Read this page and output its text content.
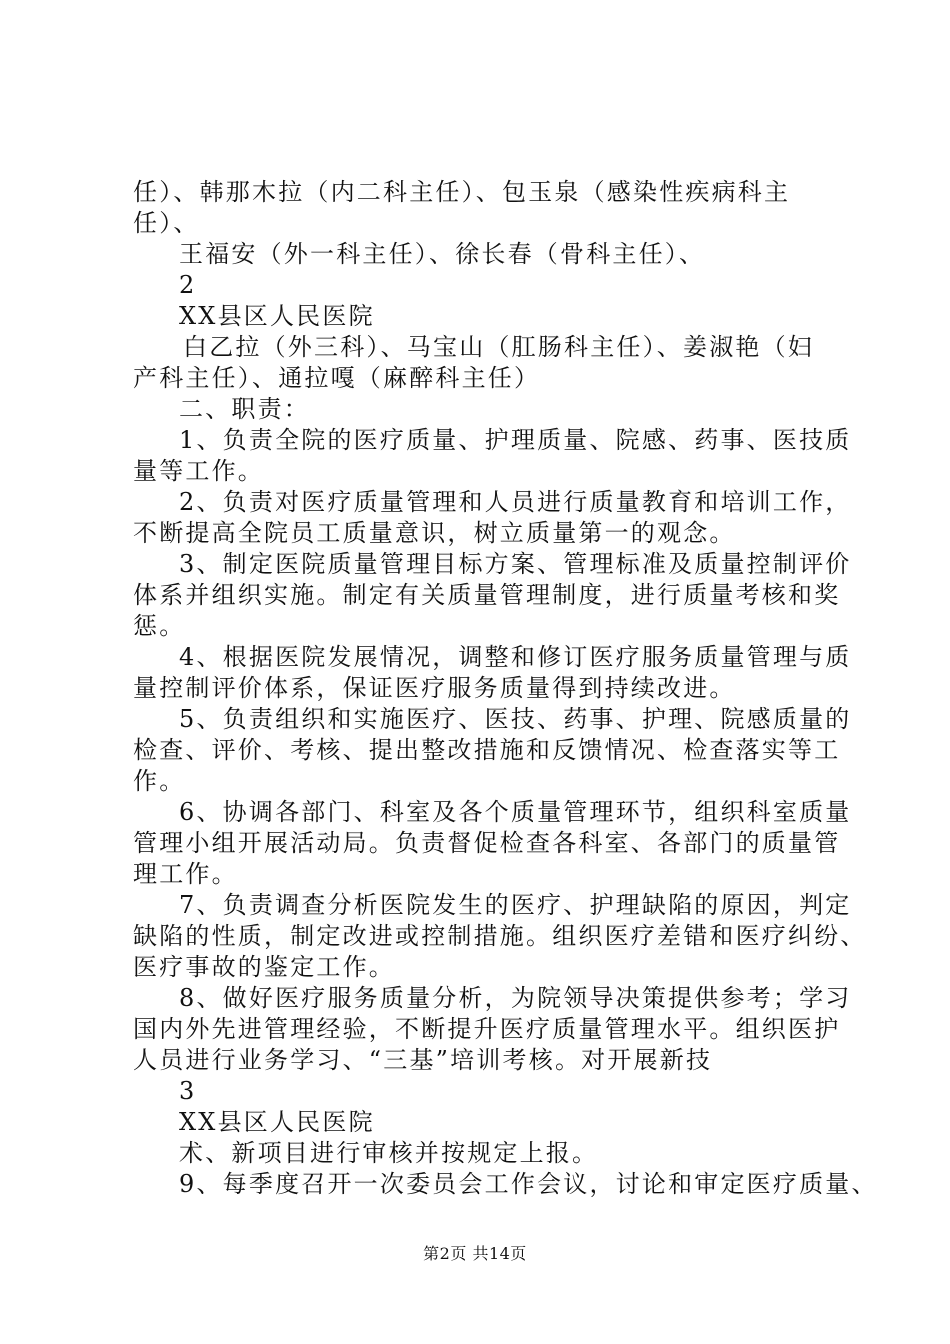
任）、韩那木拉（内二科主任）、包玉泉（感染性疾病科主
任）、
王福安（外一科主任）、徐长春（骨科主任）、
2
XX县区人民医院
白乙拉（外三科）、马宝山（肛肠科主任）、姜淑艳（妇
产科主任）、通拉嘎（麻醉科主任）
二、职责：
1、负责全院的医疗质量、护理质量、院感、药事、医技质
量等工作。
2、负责对医疗质量管理和人员进行质量教育和培训工作，
不断提高全院员工质量意识，树立质量第一的观念。
3、制定医院质量管理目标方案、管理标准及质量控制评价
体系并组织实施。制定有关质量管理制度，进行质量考核和奖
惩。
4、根据医院发展情况，调整和修订医疗服务质量管理与质
量控制评价体系，保证医疗服务质量得到持续改进。
5、负责组织和实施医疗、医技、药事、护理、院感质量的
检查、评价、考核、提出整改措施和反馈情况、检查落实等工
作。
6、协调各部门、科室及各个质量管理环节，组织科室质量
管理小组开展活动局。负责督促检查各科室、各部门的质量管
理工作。
7、负责调查分析医院发生的医疗、护理缺陷的原因，判定
缺陷的性质，制定改进或控制措施。组织医疗差错和医疗纠纷、
医疗事故的鉴定工作。
8、做好医疗服务质量分析，为院领导决策提供参考；学习
国内外先进管理经验，不断提升医疗质量管理水平。组织医护
人员进行业务学习、“三基”培训考核。对开展新技
3
XX县区人民医院
术、新项目进行审核并按规定上报。
9、每季度召开一次委员会工作会议，讨论和审定医疗质量、
第2页 共14页
